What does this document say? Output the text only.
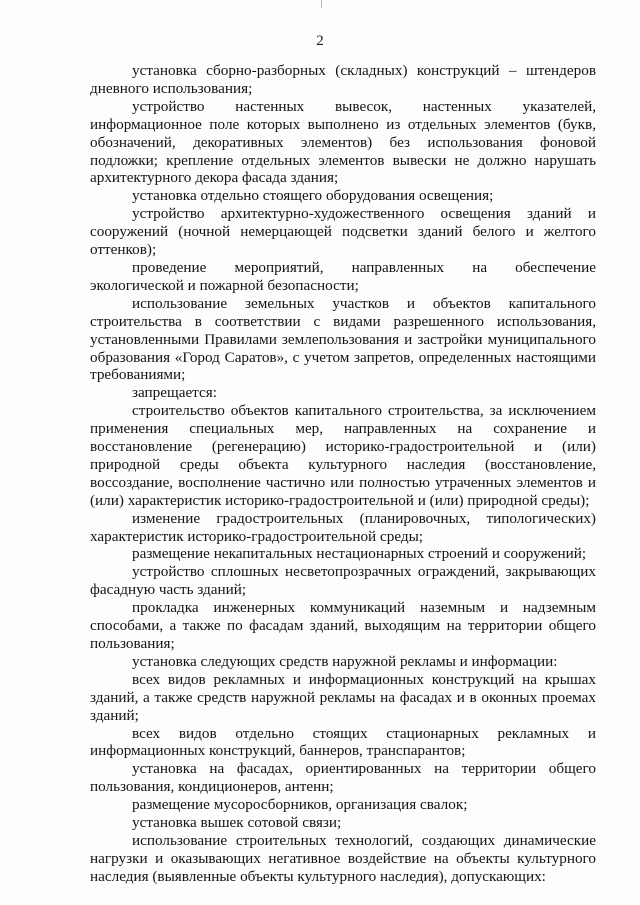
2

установка сборно-разборных (складных) конструкций – штендеров дневного использования;

устройство настенных вывесок, настенных указателей, информационное поле которых выполнено из отдельных элементов (букв, обозначений, декоративных элементов) без использования фоновой подложки; крепление отдельных элементов вывески не должно нарушать архитектурного декора фасада здания;

установка отдельно стоящего оборудования освещения;

устройство архитектурно-художественного освещения зданий и сооружений (ночной немерцающей подсветки зданий белого и желтого оттенков);

проведение мероприятий, направленных на обеспечение экологической и пожарной безопасности;

использование земельных участков и объектов капитального строительства в соответствии с видами разрешенного использования, установленными Правилами землепользования и застройки муниципального образования «Город Саратов», с учетом запретов, определенных настоящими требованиями;

запрещается:

строительство объектов капитального строительства, за исключением применения специальных мер, направленных на сохранение и восстановление (регенерацию) историко-градостроительной и (или) природной среды объекта культурного наследия (восстановление, воссоздание, восполнение частично или полностью утраченных элементов и (или) характеристик историко-градостроительной и (или) природной среды);

изменение градостроительных (планировочных, типологических) характеристик историко-градостроительной среды;

размещение некапитальных нестационарных строений и сооружений;

устройство сплошных несветопрозрачных ограждений, закрывающих фасадную часть зданий;

прокладка инженерных коммуникаций наземным и надземным способами, а также по фасадам зданий, выходящим на территории общего пользования;

установка следующих средств наружной рекламы и информации:

всех видов рекламных и информационных конструкций на крышах зданий, а также средств наружной рекламы на фасадах и в оконных проемах зданий;

всех видов отдельно стоящих стационарных рекламных и информационных конструкций, баннеров, транспарантов;

установка на фасадах, ориентированных на территории общего пользования, кондиционеров, антенн;

размещение мусоросборников, организация свалок;

установка вышек сотовой связи;

использование строительных технологий, создающих динамические нагрузки и оказывающих негативное воздействие на объекты культурного наследия (выявленные объекты культурного наследия), допускающих:
